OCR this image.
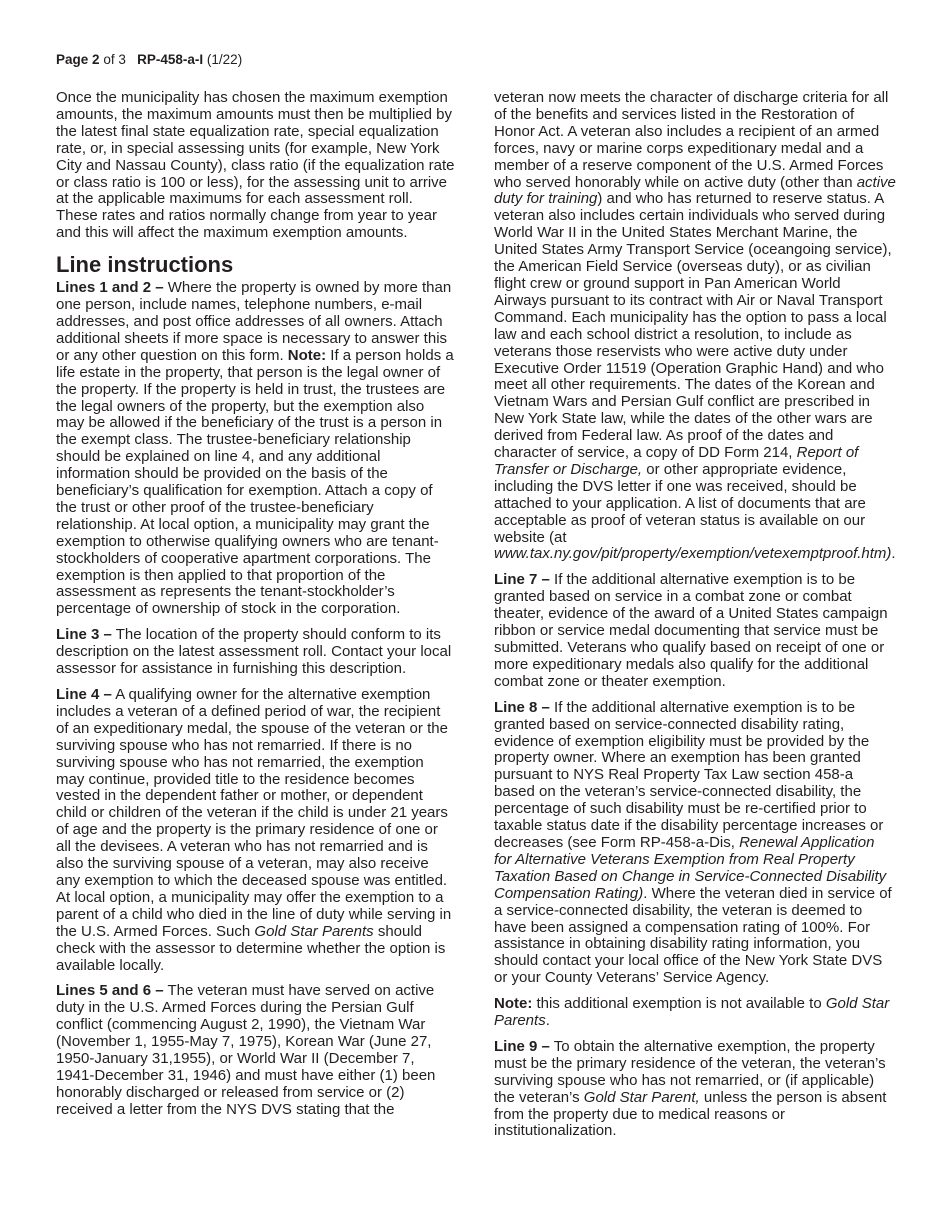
Page 2 of 3 RP-458-a-I (1/22)

Once the municipality has chosen the maximum exemption amounts, the maximum amounts must then be multiplied by the latest final state equalization rate, special equalization rate, or, in special assessing units (for example, New York City and Nassau County), class ratio (if the equalization rate or class ratio is 100 or less), for the assessing unit to arrive at the applicable maximums for each assessment roll. These rates and ratios normally change from year to year and this will affect the maximum exemption amounts.

Line instructions

Lines 1 and 2 – Where the property is owned by more than one person, include names, telephone numbers, e-mail addresses, and post office addresses of all owners. Attach additional sheets if more space is necessary to answer this or any other question on this form. Note: If a person holds a life estate in the property, that person is the legal owner of the property. If the property is held in trust, the trustees are the legal owners of the property, but the exemption also may be allowed if the beneficiary of the trust is a person in the exempt class. The trustee-beneficiary relationship should be explained on line 4, and any additional information should be provided on the basis of the beneficiary’s qualification for exemption. Attach a copy of the trust or other proof of the trustee-beneficiary relationship. At local option, a municipality may grant the exemption to otherwise qualifying owners who are tenant-stockholders of cooperative apartment corporations. The exemption is then applied to that proportion of the assessment as represents the tenant-stockholder’s percentage of ownership of stock in the corporation.

Line 3 – The location of the property should conform to its description on the latest assessment roll. Contact your local assessor for assistance in furnishing this description.

Line 4 – A qualifying owner for the alternative exemption includes a veteran of a defined period of war, the recipient of an expeditionary medal, the spouse of the veteran or the surviving spouse who has not remarried. If there is no surviving spouse who has not remarried, the exemption may continue, provided title to the residence becomes vested in the dependent father or mother, or dependent child or children of the veteran if the child is under 21 years of age and the property is the primary residence of one or all the devisees. A veteran who has not remarried and is also the surviving spouse of a veteran, may also receive any exemption to which the deceased spouse was entitled. At local option, a municipality may offer the exemption to a parent of a child who died in the line of duty while serving in the U.S. Armed Forces. Such Gold Star Parents should check with the assessor to determine whether the option is available locally.

Lines 5 and 6 – The veteran must have served on active duty in the U.S. Armed Forces during the Persian Gulf conflict (commencing August 2, 1990), the Vietnam War (November 1, 1955-May 7, 1975), Korean War (June 27, 1950-January 31,1955), or World War II (December 7, 1941-December 31, 1946) and must have either (1) been honorably discharged or released from service or (2) received a letter from the NYS DVS stating that the

veteran now meets the character of discharge criteria for all of the benefits and services listed in the Restoration of Honor Act. A veteran also includes a recipient of an armed forces, navy or marine corps expeditionary medal and a member of a reserve component of the U.S. Armed Forces who served honorably while on active duty (other than active duty for training) and who has returned to reserve status. A veteran also includes certain individuals who served during World War II in the United States Merchant Marine, the United States Army Transport Service (oceangoing service), the American Field Service (overseas duty), or as civilian flight crew or ground support in Pan American World Airways pursuant to its contract with Air or Naval Transport Command. Each municipality has the option to pass a local law and each school district a resolution, to include as veterans those reservists who were active duty under Executive Order 11519 (Operation Graphic Hand) and who meet all other requirements. The dates of the Korean and Vietnam Wars and Persian Gulf conflict are prescribed in New York State law, while the dates of the other wars are derived from Federal law. As proof of the dates and character of service, a copy of DD Form 214, Report of Transfer or Discharge, or other appropriate evidence, including the DVS letter if one was received, should be attached to your application. A list of documents that are acceptable as proof of veteran status is available on our website (at www.tax.ny.gov/pit/property/exemption/vetexemptproof.htm).

Line 7 – If the additional alternative exemption is to be granted based on service in a combat zone or combat theater, evidence of the award of a United States campaign ribbon or service medal documenting that service must be submitted. Veterans who qualify based on receipt of one or more expeditionary medals also qualify for the additional combat zone or theater exemption.

Line 8 – If the additional alternative exemption is to be granted based on service-connected disability rating, evidence of exemption eligibility must be provided by the property owner. Where an exemption has been granted pursuant to NYS Real Property Tax Law section 458-a based on the veteran’s service-connected disability, the percentage of such disability must be re-certified prior to taxable status date if the disability percentage increases or decreases (see Form RP-458-a-Dis, Renewal Application for Alternative Veterans Exemption from Real Property Taxation Based on Change in Service-Connected Disability Compensation Rating). Where the veteran died in service of a service-connected disability, the veteran is deemed to have been assigned a compensation rating of 100%. For assistance in obtaining disability rating information, you should contact your local office of the New York State DVS or your County Veterans’ Service Agency.

Note: this additional exemption is not available to Gold Star Parents.

Line 9 – To obtain the alternative exemption, the property must be the primary residence of the veteran, the veteran’s surviving spouse who has not remarried, or (if applicable) the veteran’s Gold Star Parent, unless the person is absent from the property due to medical reasons or institutionalization.
